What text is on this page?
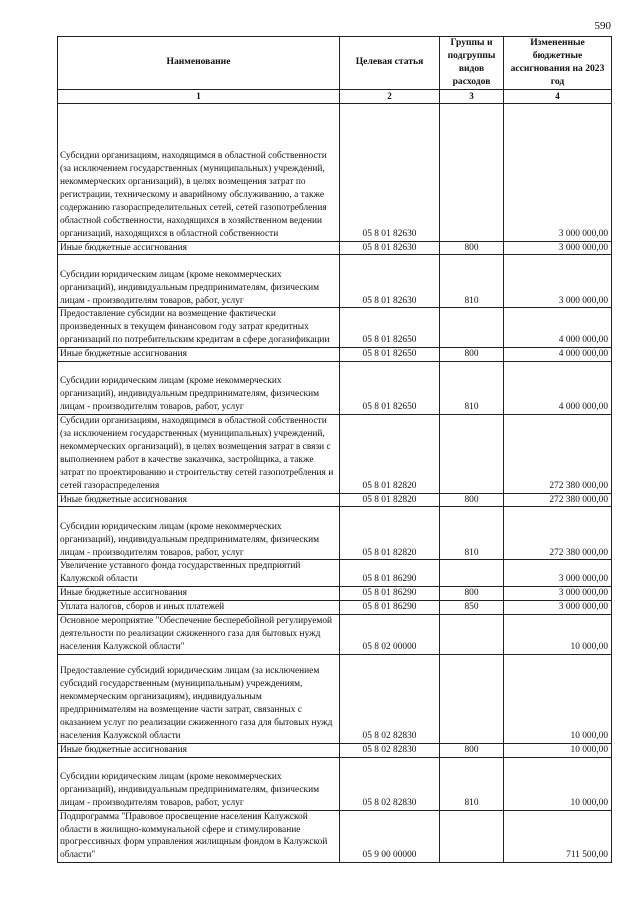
590
Наименование	Целевая статья	Группы и подгруппы видов расходов	Измененные бюджетные ассигнования на 2023 год
1	2	3	4
Субсидии организациям, находящимся в областной собственности (за исключением государственных (муниципальных) учреждений, некоммерческих организаций), в целях возмещения затрат по регистрации, техническому и аварийному обслуживанию, а также содержанию газораспределительных сетей, сетей газопотребления областной собственности, находящихся в хозяйственном ведении организаций, находящихся в областной собственности	05 8 01 82630		3 000 000,00
Иные бюджетные ассигнования	05 8 01 82630	800	3 000 000,00
Субсидии юридическим лицам (кроме некоммерческих организаций), индивидуальным предпринимателям, физическим лицам - производителям товаров, работ, услуг	05 8 01 82630	810	3 000 000,00
Предоставление субсидии на возмещение фактически произведенных в текущем финансовом году затрат кредитных организаций по потребительским кредитам в сфере догазификации	05 8 01 82650		4 000 000,00
Иные бюджетные ассигнования	05 8 01 82650	800	4 000 000,00
Субсидии юридическим лицам (кроме некоммерческих организаций), индивидуальным предпринимателям, физическим лицам - производителям товаров, работ, услуг	05 8 01 82650	810	4 000 000,00
Субсидии организациям, находящимся в областной собственности (за исключением государственных (муниципальных) учреждений, некоммерческих организаций), в целях возмещения затрат в связи с выполнением работ в качестве заказчика, застройщика, а также затрат по проектированию и строительству сетей газопотребления и сетей газораспределения	05 8 01 82820		272 380 000,00
Иные бюджетные ассигнования	05 8 01 82820	800	272 380 000,00
Субсидии юридическим лицам (кроме некоммерческих организаций), индивидуальным предпринимателям, физическим лицам - производителям товаров, работ, услуг	05 8 01 82820	810	272 380 000,00
Увеличение уставного фонда государственных предприятий Калужской области	05 8 01 86290		3 000 000,00
Иные бюджетные ассигнования	05 8 01 86290	800	3 000 000,00
Уплата налогов, сборов и иных платежей	05 8 01 86290	850	3 000 000,00
Основное мероприятие "Обеспечение бесперебойной регулируемой деятельности по реализации сжиженного газа для бытовых нужд населения Калужской области"	05 8 02 00000		10 000,00
Предоставление субсидий юридическим лицам (за исключением субсидий государственным (муниципальным) учреждениям, некоммерческим организациям), индивидуальным предпринимателям на возмещение части затрат, связанных с оказанием услуг по реализации сжиженного газа для бытовых нужд населения Калужской области	05 8 02 82830		10 000,00
Иные бюджетные ассигнования	05 8 02 82830	800	10 000,00
Субсидии юридическим лицам (кроме некоммерческих организаций), индивидуальным предпринимателям, физическим лицам - производителям товаров, работ, услуг	05 8 02 82830	810	10 000,00
Подпрограмма "Правовое просвещение населения Калужской области в жилищно-коммунальной сфере и стимулирование прогрессивных форм управления жилищным фондом в Калужской области"	05 9 00 00000		711 500,00
